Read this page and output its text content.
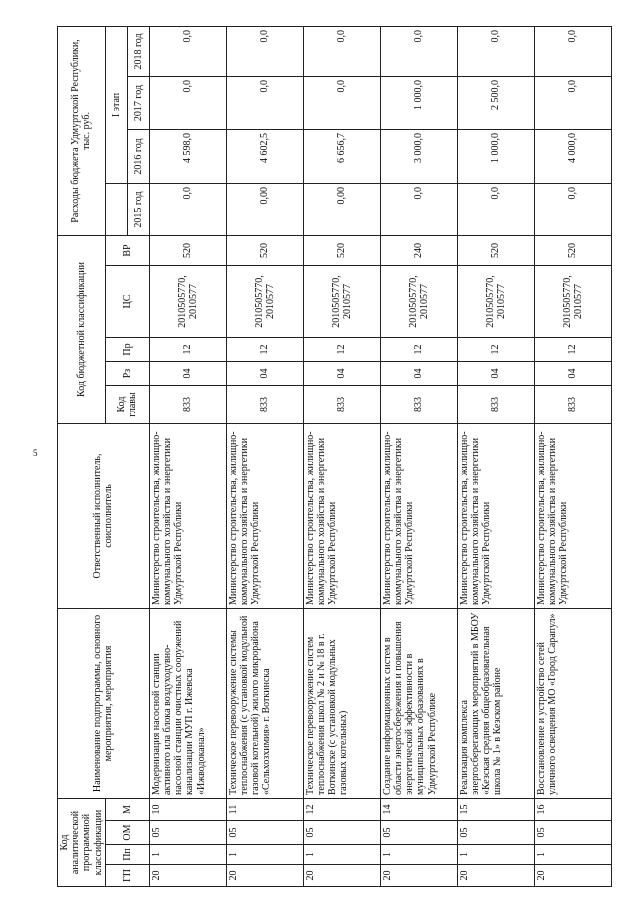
5
Код аналитической программной классификации				Наименование подпрограммы, основного мероприятия, мероприятия	Ответственный исполнитель, соисполнитель	Код бюджетной классификации					Расходы бюджета Удмуртской Республики, тыс. руб.			
ГП	Пп	ОМ	М			Код главы	Рз	Пр	ЦС	ВР		I этап		
											2015 год	2016 год	2017 год	2018 год
20	1	05	10	Модернизация насосной станции активного ила блока воздуходувно-насосной станции очистных сооружений канализации МУП г. Ижевска «Ижводоканал»	Министерство строительства, жилищно-коммунального хозяйства и энергетики Удмуртской Республики	833	04	12	2010505770, 2010577	520	0,0	4 598,0	0,0	0,0
20	1	05	11	Техническое перевооружение системы теплоснабжения (с установкой модульной газовой котельной) жилого микрорайона «Сельхозхимия» г. Воткинска	Министерство строительства, жилищно-коммунального хозяйства и энергетики Удмуртской Республики	833	04	12	2010505770, 2010577	520	0,00	4 602,5	0,0	0,0
20	1	05	12	Техническое перевооружение систем теплоснабжения школ № 2 и № 18 в г. Воткинске (с установкой модульных газовых котельных)	Министерство строительства, жилищно-коммунального хозяйства и энергетики Удмуртской Республики	833	04	12	2010505770, 2010577	520	0,00	6 656,7	0,0	0,0
20	1	05	14	Создание информационных систем в области энергосбережения и повышения энергетической эффективности в муниципальных образованиях в Удмуртской Республике	Министерство строительства, жилищно-коммунального хозяйства и энергетики Удмуртской Республики	833	04	12	2010505770, 2010577	240	0,0	3 000,0	1 000,0	0,0
20	1	05	15	Реализация комплекса энергосберегающих мероприятий в МБОУ «Кезская средняя общеобразовательная школа № 1» в Кезском районе	Министерство строительства, жилищно-коммунального хозяйства и энергетики Удмуртской Республики	833	04	12	2010505770, 2010577	520	0,0	1 000,0	2 500,0	0,0
20	1	05	16	Восстановление и устройство сетей уличного освещения МО «Город Сарапул»	Министерство строительства, жилищно-коммунального хозяйства и энергетики Удмуртской Республики	833	04	12	2010505770, 2010577	520	0,0	4 000,0	0,0	0,0
